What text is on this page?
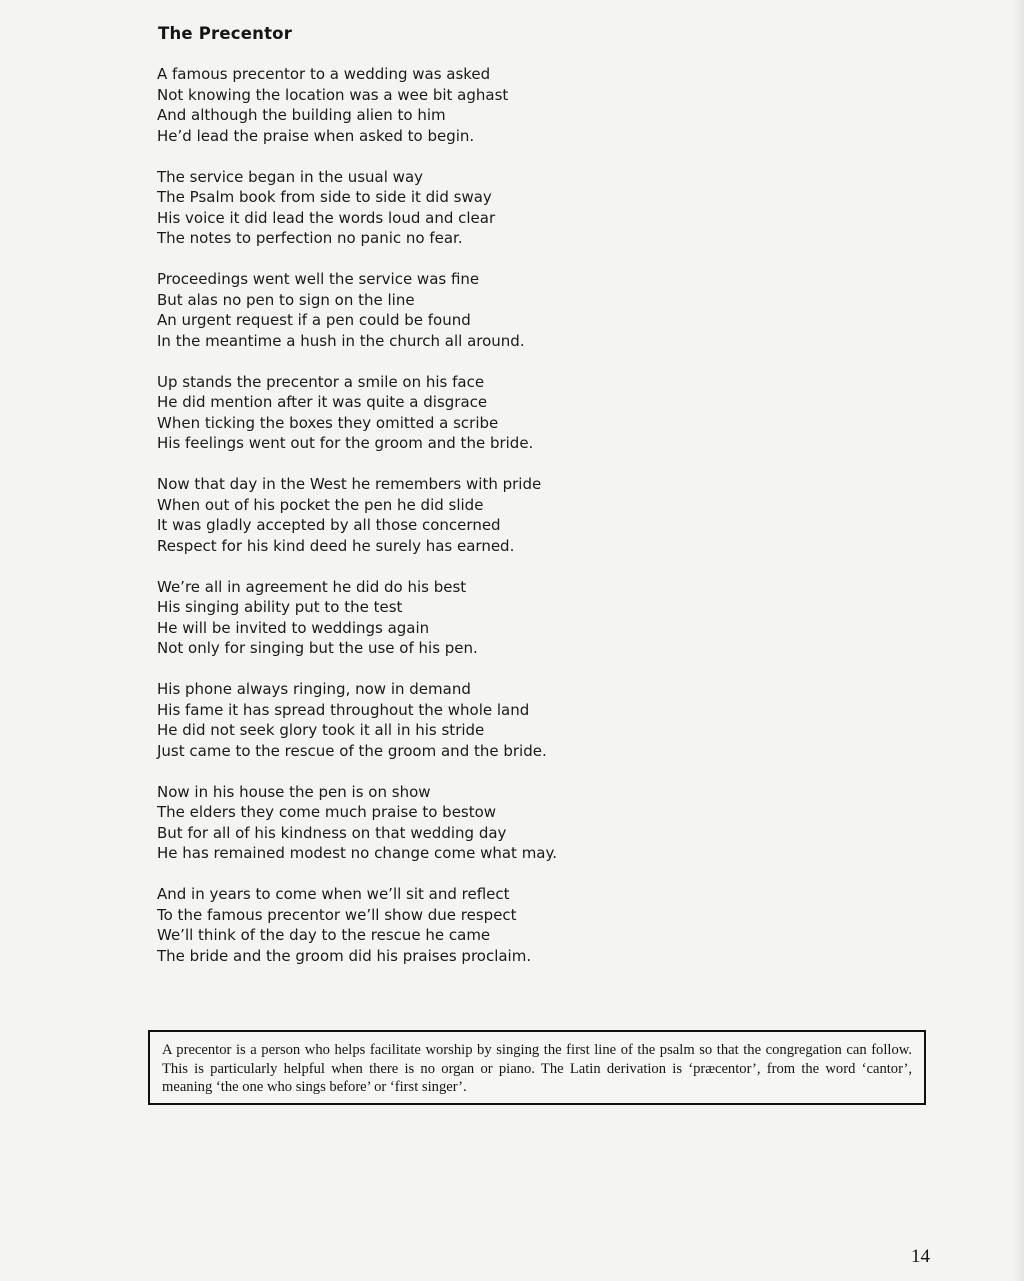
The Precentor
A famous precentor to a wedding was asked
Not knowing the location was a wee bit aghast
And although the building alien to him
He’d lead the praise when asked to begin.
The service began in the usual way
The Psalm book from side to side it did sway
His voice it did lead the words loud and clear
The notes to perfection no panic no fear.
Proceedings went well the service was fine
But alas no pen to sign on the line
An urgent request if a pen could be found
In the meantime a hush in the church all around.
Up stands the precentor a smile on his face
He did mention after it was quite a disgrace
When ticking the boxes they omitted a scribe
His feelings went out for the groom and the bride.
Now that day in the West he remembers with pride
When out of his pocket the pen he did slide
It was gladly accepted by all those concerned
Respect for his kind deed he surely has earned.
We’re all in agreement he did do his best
His singing ability put to the test
He will be invited to weddings again
Not only for singing but the use of his pen.
His phone always ringing, now in demand
His fame it has spread throughout the whole land
He did not seek glory took it all in his stride
Just came to the rescue of the groom and the bride.
Now in his house the pen is on show
The elders they come much praise to bestow
But for all of his kindness on that wedding day
He has remained modest no change come what may.
And in years to come when we’ll sit and reflect
To the famous precentor we’ll show due respect
We’ll think of the day to the rescue he came
The bride and the groom did his praises proclaim.
A precentor is a person who helps facilitate worship by singing the first line of the psalm so that the congregation can follow. This is particularly helpful when there is no organ or piano. The Latin derivation is ‘præcentor’, from the word ‘cantor’, meaning ‘the one who sings before’ or ‘first singer’.
14
